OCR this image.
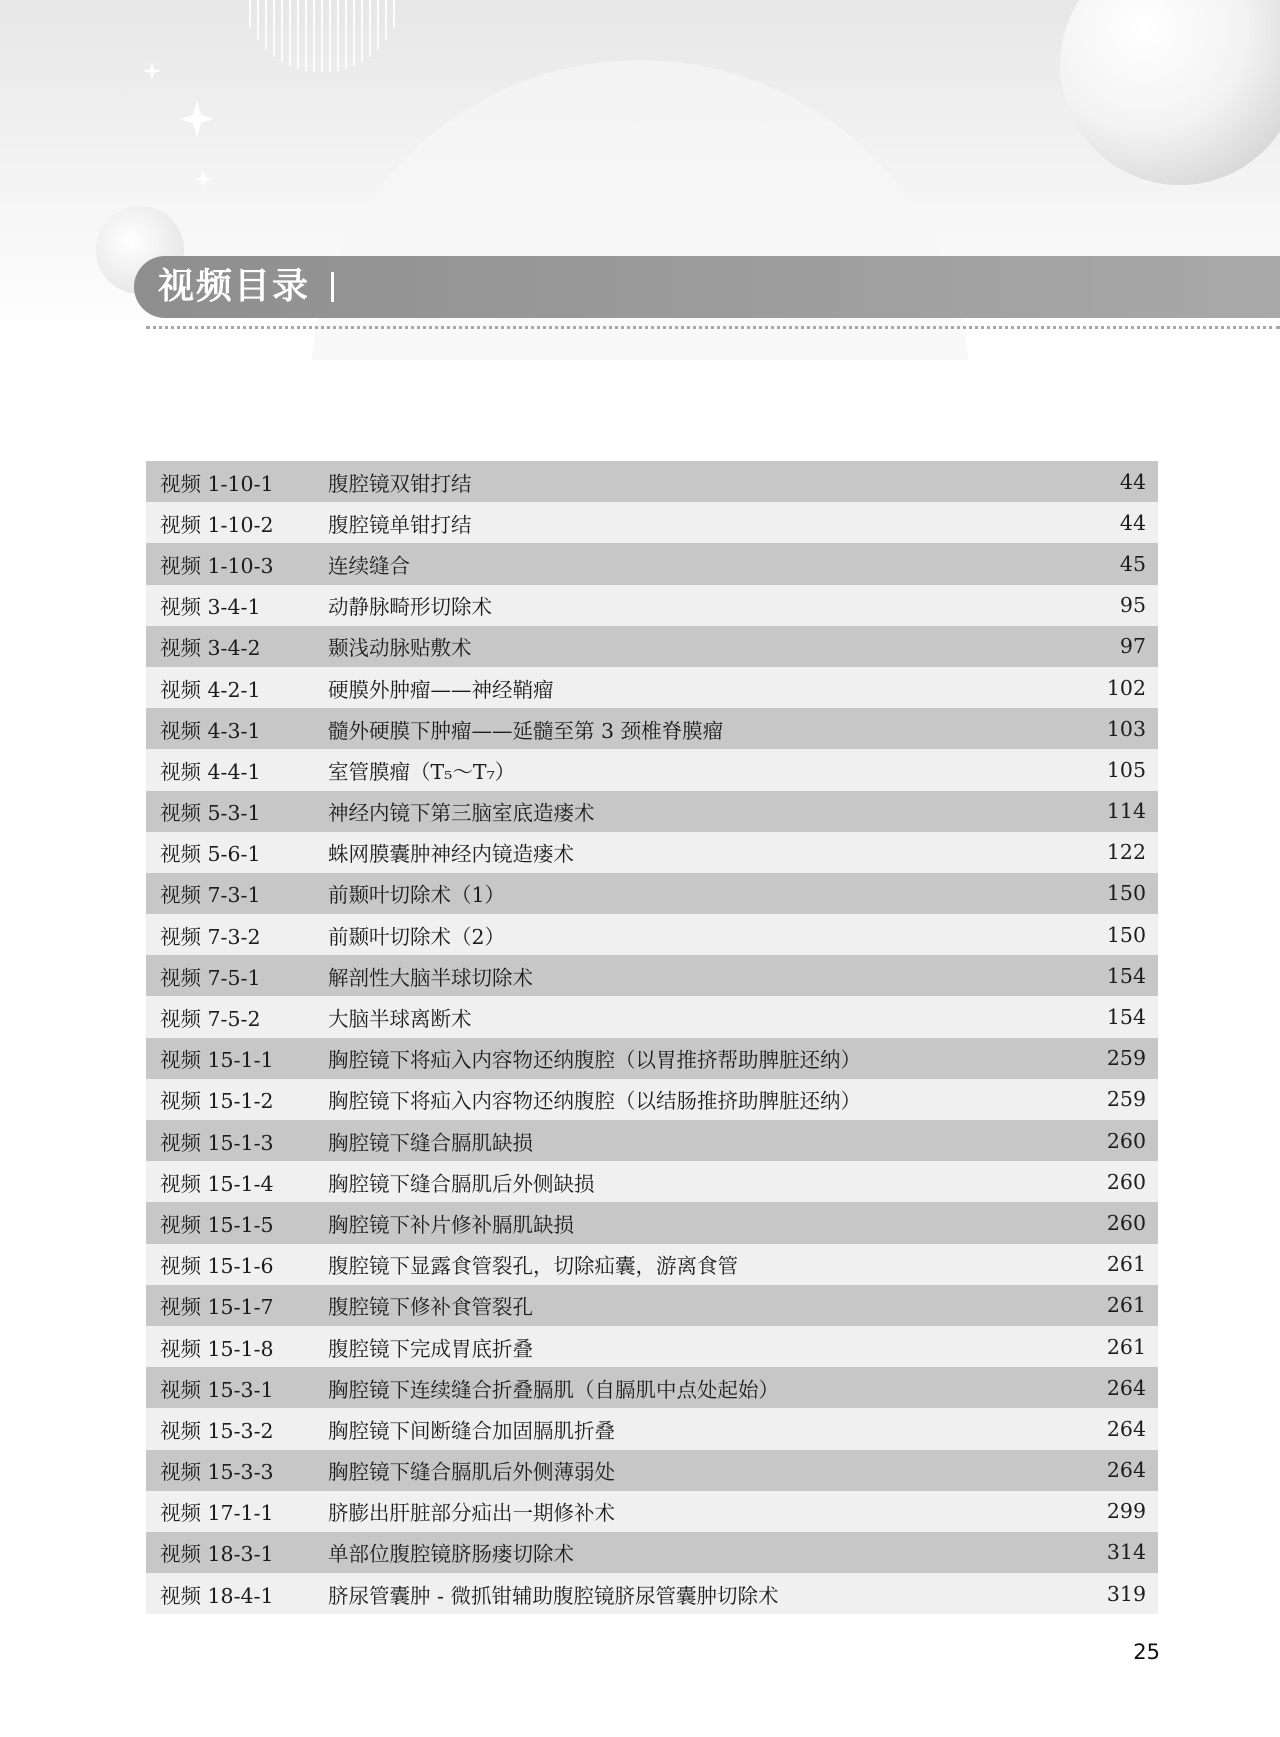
视频目录
视频 1-10-1	腹腔镜双钳打结	44
视频 1-10-2	腹腔镜单钳打结	44
视频 1-10-3	连续缝合	45
视频 3-4-1	动静脉畸形切除术	95
视频 3-4-2	颞浅动脉贴敷术	97
视频 4-2-1	硬膜外肿瘤——神经鞘瘤	102
视频 4-3-1	髓外硬膜下肿瘤——延髓至第 3 颈椎脊膜瘤	103
视频 4-4-1	室管膜瘤（T₅～T₇）	105
视频 5-3-1	神经内镜下第三脑室底造瘘术	114
视频 5-6-1	蛛网膜囊肿神经内镜造瘘术	122
视频 7-3-1	前颞叶切除术（1）	150
视频 7-3-2	前颞叶切除术（2）	150
视频 7-5-1	解剖性大脑半球切除术	154
视频 7-5-2	大脑半球离断术	154
视频 15-1-1	胸腔镜下将疝入内容物还纳腹腔（以胃推挤帮助脾脏还纳）	259
视频 15-1-2	胸腔镜下将疝入内容物还纳腹腔（以结肠推挤助脾脏还纳）	259
视频 15-1-3	胸腔镜下缝合膈肌缺损	260
视频 15-1-4	胸腔镜下缝合膈肌后外侧缺损	260
视频 15-1-5	胸腔镜下补片修补膈肌缺损	260
视频 15-1-6	腹腔镜下显露食管裂孔，切除疝囊，游离食管	261
视频 15-1-7	腹腔镜下修补食管裂孔	261
视频 15-1-8	腹腔镜下完成胃底折叠	261
视频 15-3-1	胸腔镜下连续缝合折叠膈肌（自膈肌中点处起始）	264
视频 15-3-2	胸腔镜下间断缝合加固膈肌折叠	264
视频 15-3-3	胸腔镜下缝合膈肌后外侧薄弱处	264
视频 17-1-1	脐膨出肝脏部分疝出一期修补术	299
视频 18-3-1	单部位腹腔镜脐肠瘘切除术	314
视频 18-4-1	脐尿管囊肿 - 微抓钳辅助腹腔镜脐尿管囊肿切除术	319
25
